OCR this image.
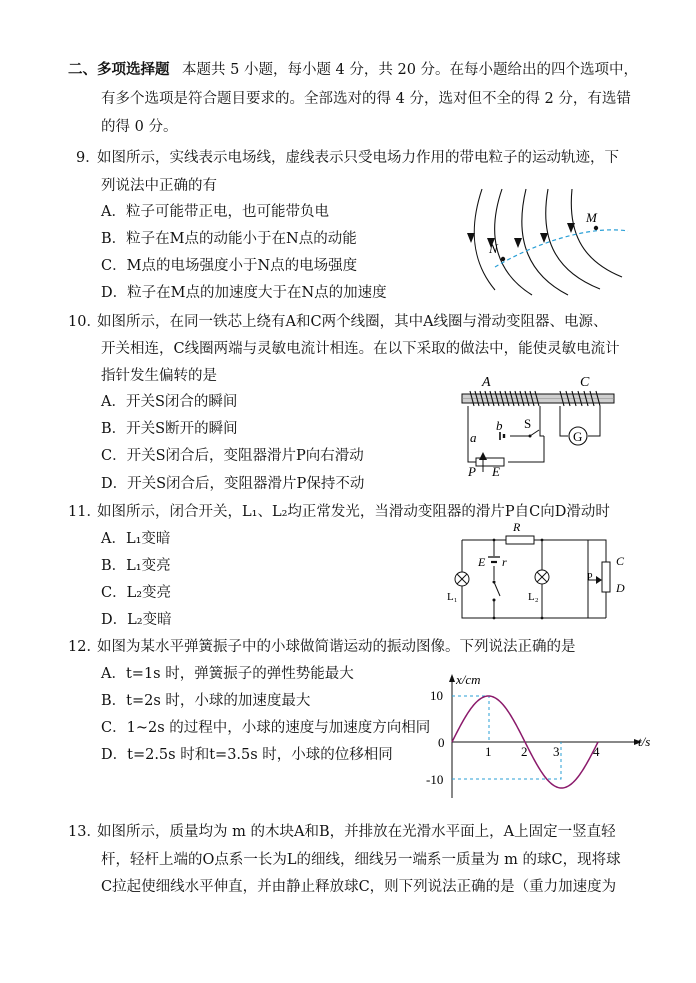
二、多项选择题 本题共 5 小题，每小题 4 分，共 20 分。在每小题给出的四个选项中，
有多个选项是符合题目要求的。全部选对的得 4 分，选对但不全的得 2 分，有选错
的得 0 分。
9．
如图所示，实线表示电场线，虚线表示只受电场力作用的带电粒子的运动轨迹，下
列说法中正确的有
A．粒子可能带正电，也可能带负电
B．粒子在M点的动能小于在N点的动能
C．M点的电场强度小于N点的电场强度
D．粒子在M点的加速度大于在N点的加速度
N
M
10．
如图所示，在同一铁芯上绕有A和C两个线圈，其中A线圈与滑动变阻器、电源、
开关相连，C线圈两端与灵敏电流计相连。在以下采取的做法中，能使灵敏电流计
指针发生偏转的是
A．开关S闭合的瞬间
B．开关S断开的瞬间
C．开关S闭合后，变阻器滑片P向右滑动
D．开关S闭合后，变阻器滑片P保持不动
A	C
G
a
b S
P E
11．
如图所示，闭合开关，L₁、L₂均正常发光，当滑动变阻器的滑片P自C向D滑动时
A．L₁变暗
B．L₁变亮
C．L₂变亮
D．L₂变暗
R
E r
L₁	L₂
P
C
D
12．
如图为某水平弹簧振子中的小球做简谐运动的振动图像。下列说法正确的是
A．t=1s 时，弹簧振子的弹性势能最大
B．t=2s 时，小球的加速度最大
C．1~2s 的过程中，小球的速度与加速度方向相同
D．t=2.5s 时和t=3.5s 时，小球的位移相同
x/cm
t/s
10
0
-10
1 2 3	4
13．
如图所示，质量均为 m 的木块A和B，并排放在光滑水平面上，A上固定一竖直轻
杆，轻杆上端的O点系一长为L的细线，细线另一端系一质量为 m 的球C，现将球
C拉起使细线水平伸直，并由静止释放球C，则下列说法正确的是（重力加速度为
